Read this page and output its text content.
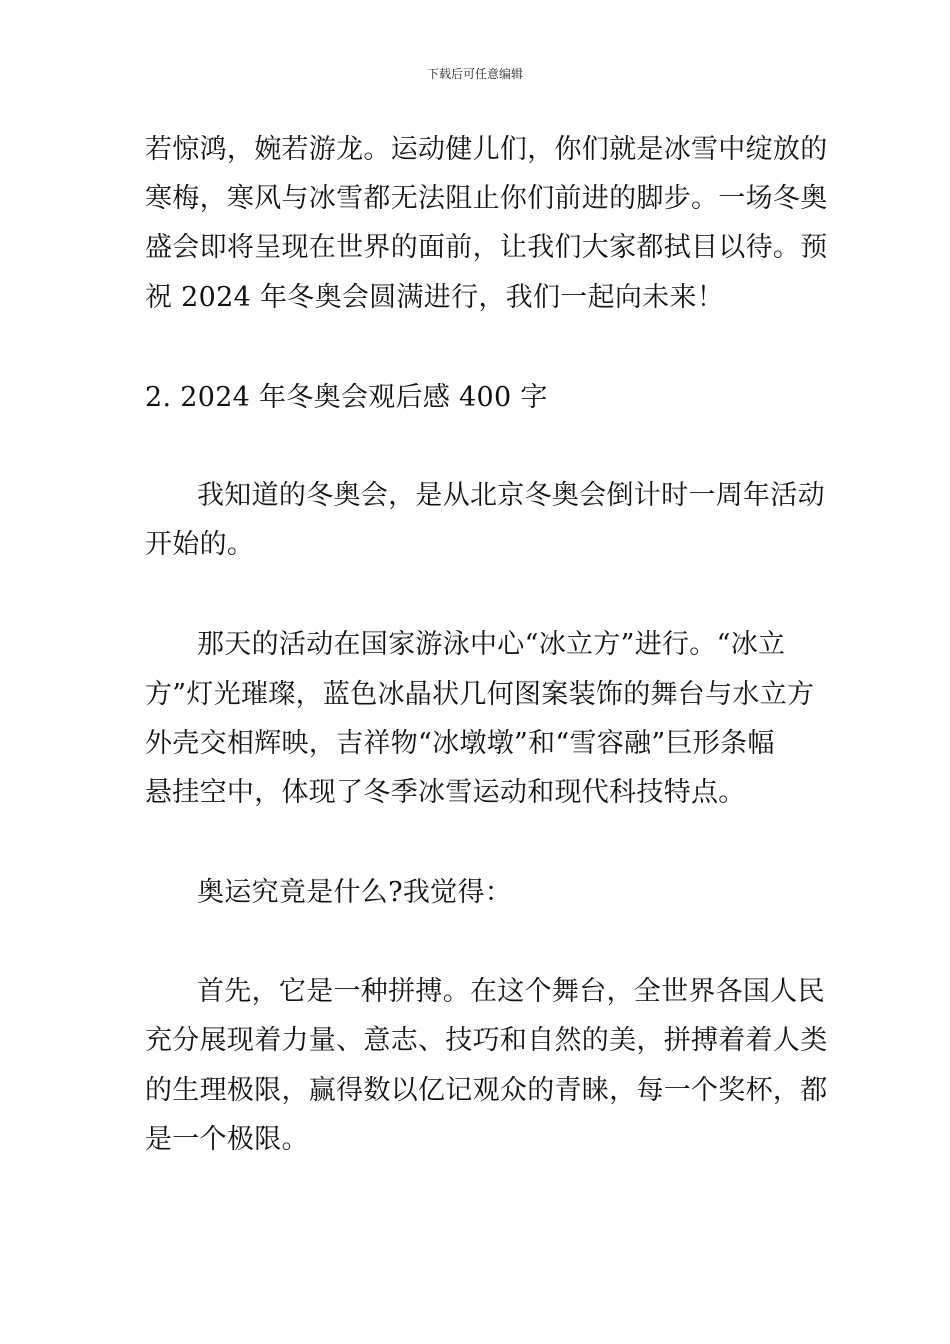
下载后可任意编辑
若惊鸿，婉若游龙。运动健儿们，你们就是冰雪中绽放的
寒梅，寒风与冰雪都无法阻止你们前进的脚步。一场冬奥
盛会即将呈现在世界的面前，让我们大家都拭目以待。预
祝 2024 年冬奥会圆满进行，我们一起向未来！
2. 2024 年冬奥会观后感 400 字
我知道的冬奥会，是从北京冬奥会倒计时一周年活动
开始的。
那天的活动在国家游泳中心“冰立方”进行。“冰立
方”灯光璀璨，蓝色冰晶状几何图案装饰的舞台与水立方
外壳交相辉映，吉祥物“冰墩墩”和“雪容融”巨形条幅
悬挂空中，体现了冬季冰雪运动和现代科技特点。
奥运究竟是什么?我觉得：
首先，它是一种拼搏。在这个舞台，全世界各国人民
充分展现着力量、意志、技巧和自然的美，拼搏着着人类
的生理极限，赢得数以亿记观众的青睐，每一个奖杯，都
是一个极限。
